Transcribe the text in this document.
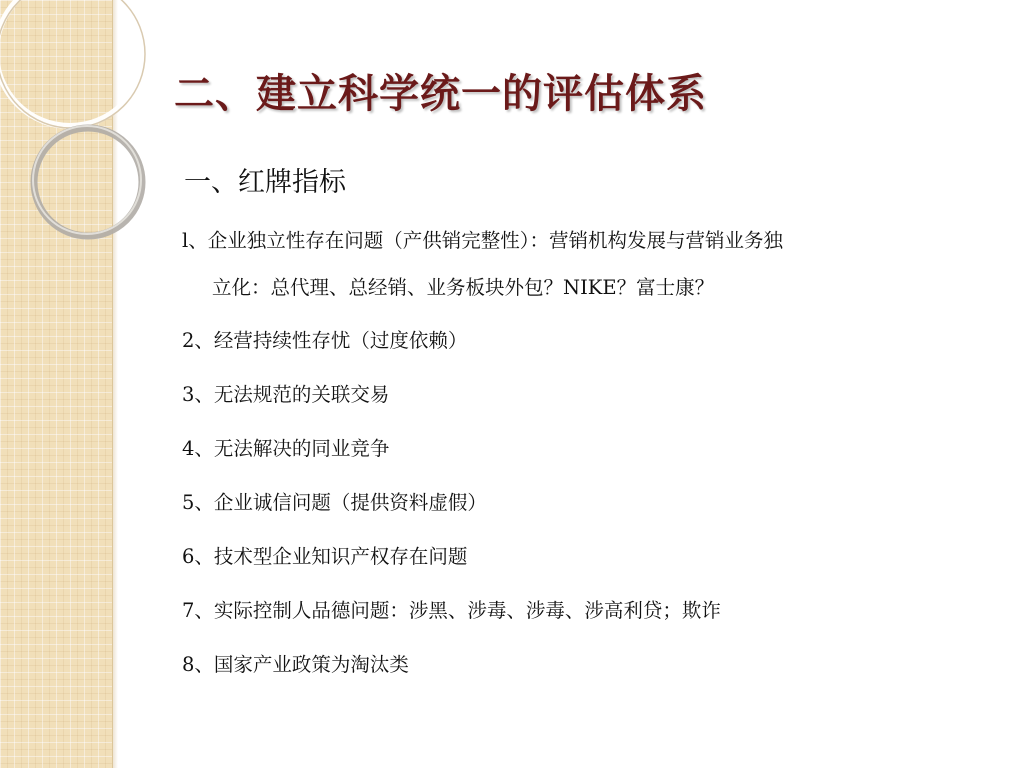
二、建立科学统一的评估体系
一、红牌指标
l、企业独立性存在问题（产供销完整性）：营销机构发展与营销业务独
立化：总代理、总经销、业务板块外包？NIKE？富士康？
2、经营持续性存忧（过度依赖）
3、无法规范的关联交易
4、无法解决的同业竞争
5、企业诚信问题（提供资料虚假）
6、技术型企业知识产权存在问题
7、实际控制人品德问题：涉黑、涉毒、涉毒、涉高利贷；欺诈
8、国家产业政策为淘汰类
